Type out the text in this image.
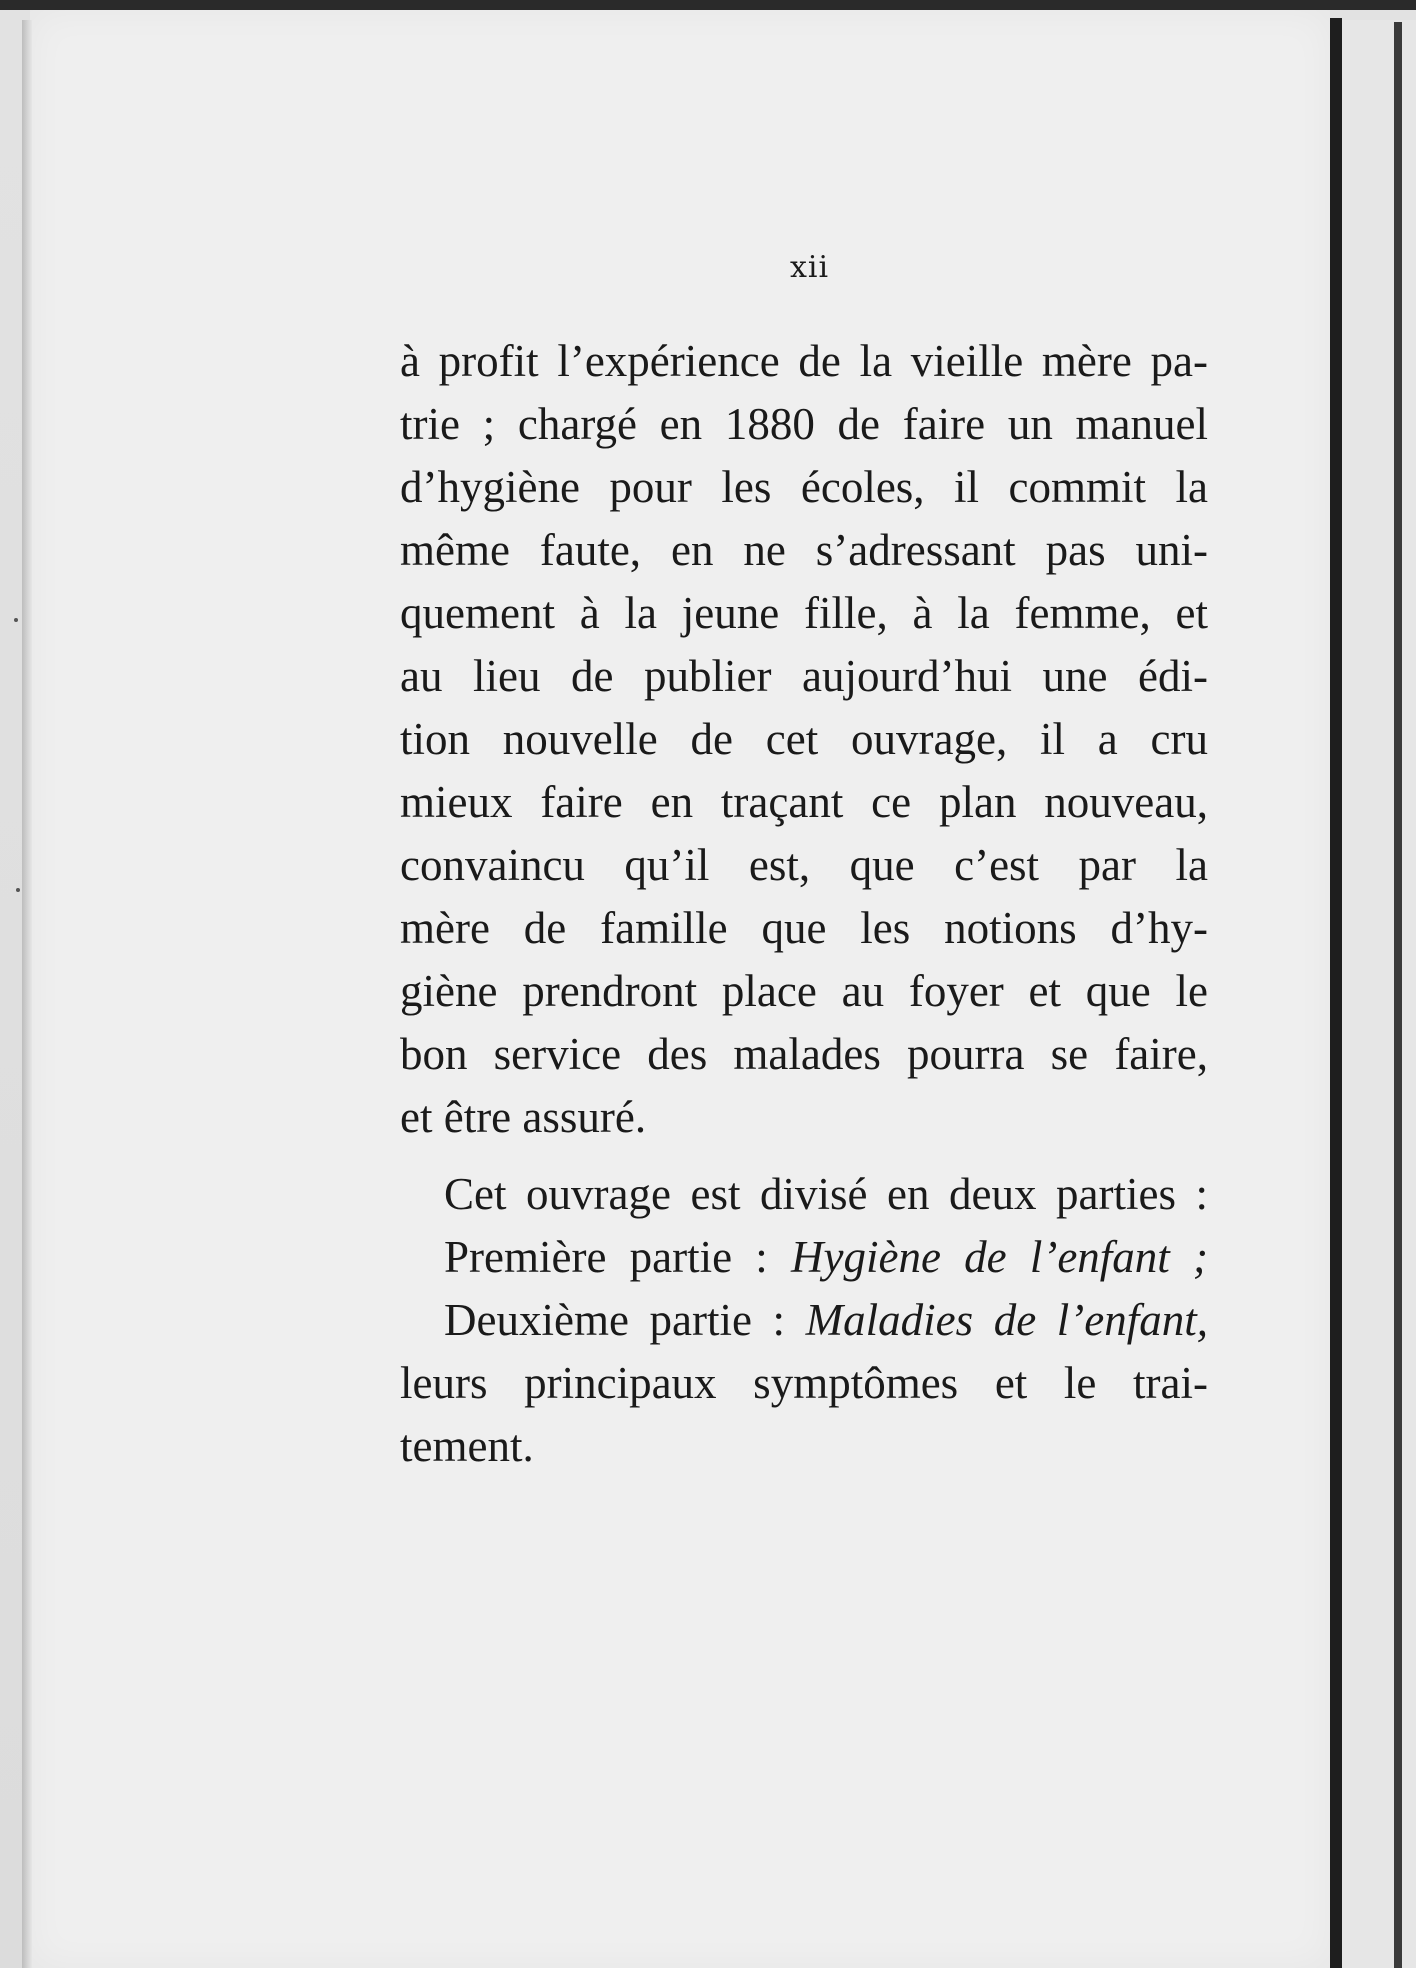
xii
à profit l’expérience de la vieille mère pa-
trie ; chargé en 1880 de faire un manuel
d’hygiène pour les écoles, il commit la
même faute, en ne s’adressant pas uni-
quement à la jeune fille, à la femme, et
au lieu de publier aujourd’hui une édi-
tion nouvelle de cet ouvrage, il a cru
mieux faire en traçant ce plan nouveau,
convaincu qu’il est, que c’est par la
mère de famille que les notions d’hy-
giène prendront place au foyer et que le
bon service des malades pourra se faire,
et être assuré.
Cet ouvrage est divisé en deux parties :
Première partie : Hygiène de l’enfant ;
Deuxième partie : Maladies de l’enfant,
leurs principaux symptômes et le trai-
tement.
